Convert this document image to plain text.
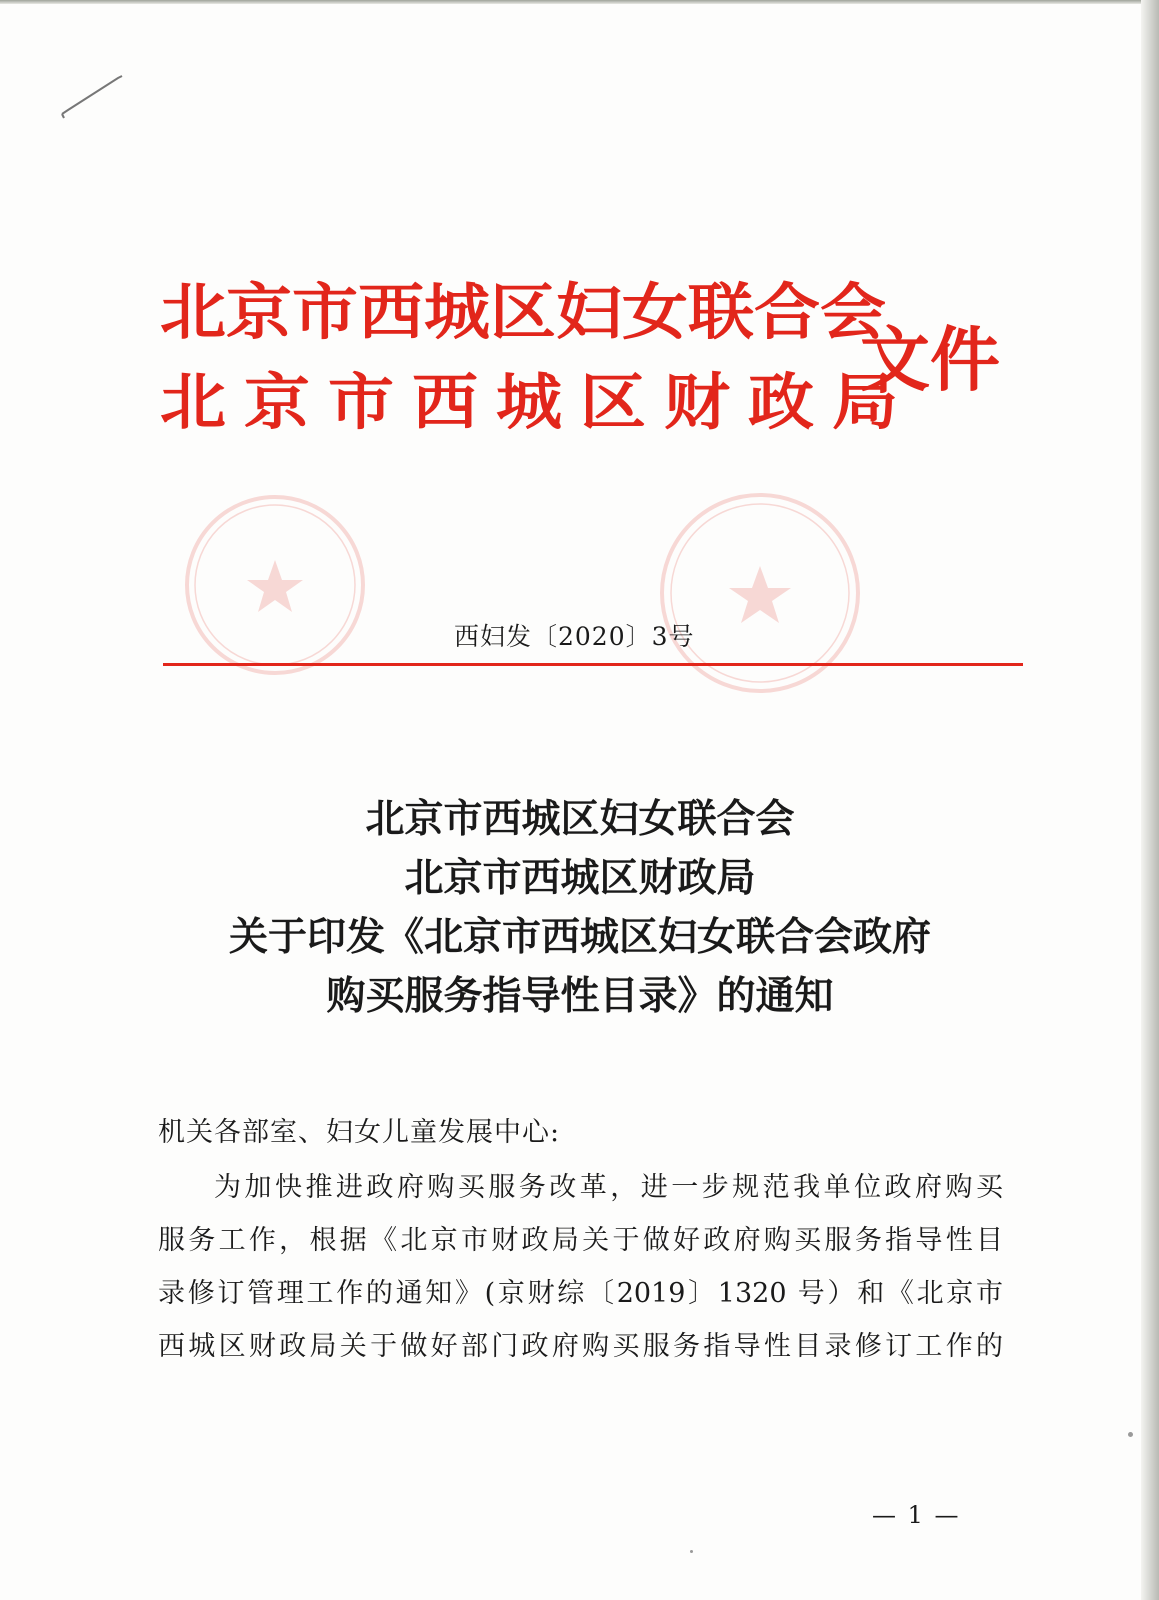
北京市西城区妇女联合会
北京市西城区财政局
文件
西妇发〔2020〕3号
北京市西城区妇女联合会
北京市西城区财政局
关于印发《北京市西城区妇女联合会政府
购买服务指导性目录》的通知
机关各部室、妇女儿童发展中心:
为加快推进政府购买服务改革，进一步规范我单位政府购买
服务工作，根据《北京市财政局关于做好政府购买服务指导性目
录修订管理工作的通知》(京财综〔2019〕1320 号）和《北京市
西城区财政局关于做好部门政府购买服务指导性目录修订工作的
— 1 —
